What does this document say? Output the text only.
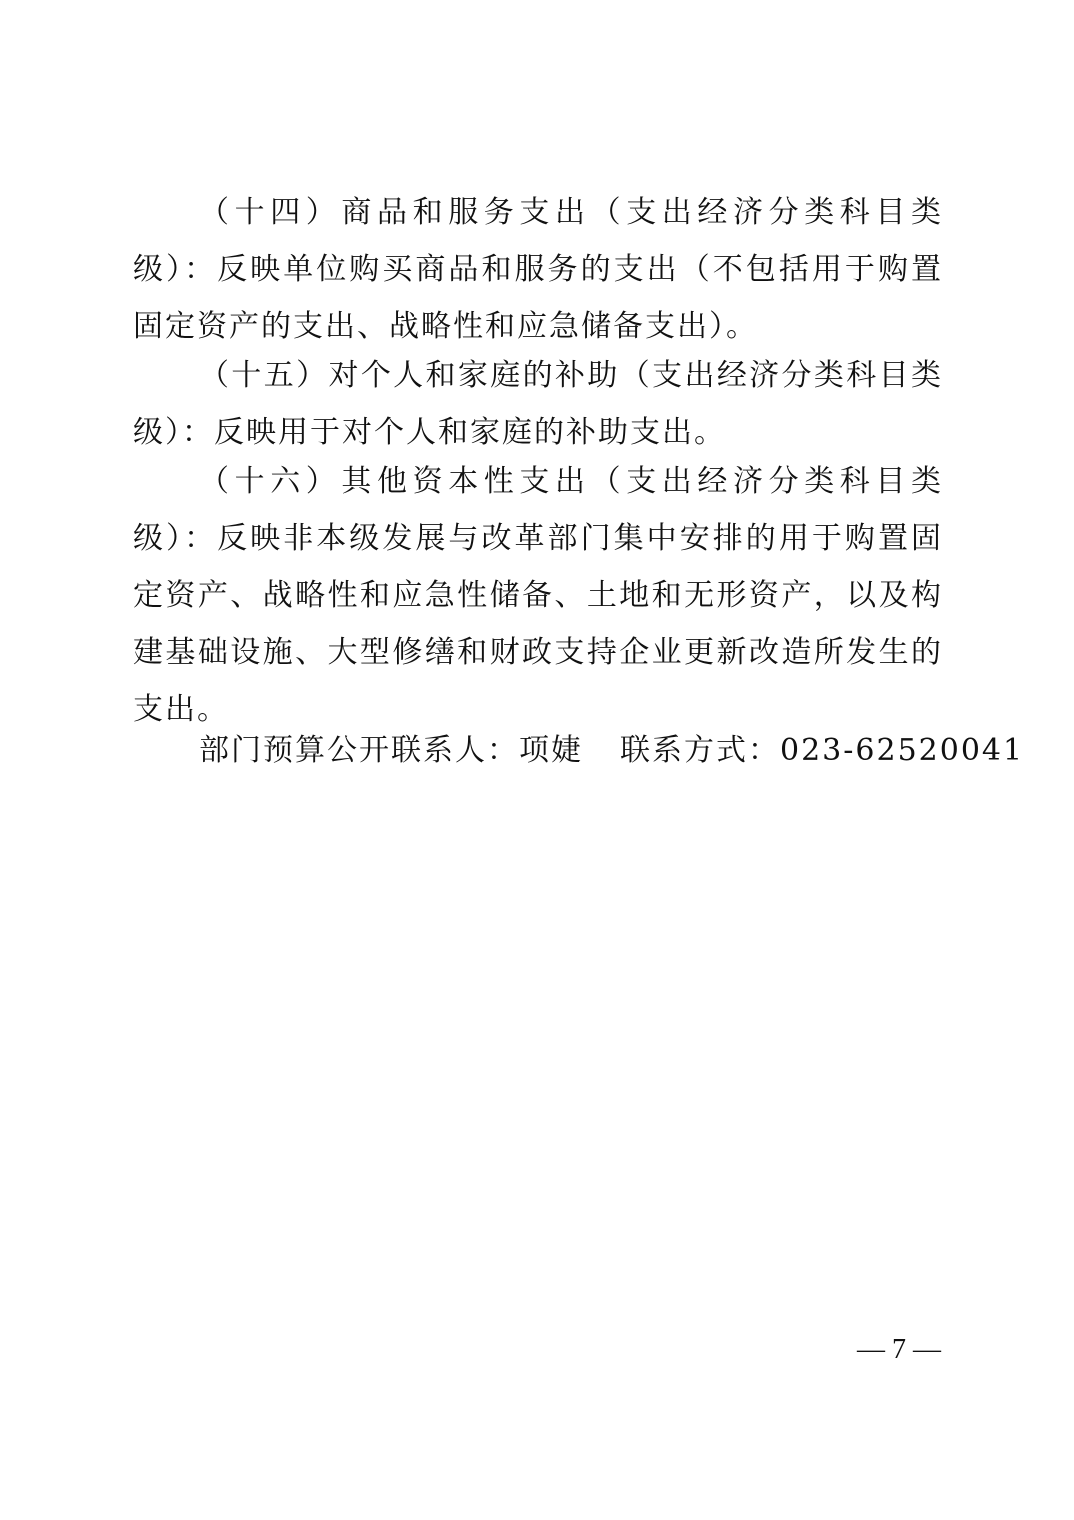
（十四）商品和服务支出（支出经济分类科目类级）：反映单位购买商品和服务的支出（不包括用于购置固定资产的支出、战略性和应急储备支出）。

（十五）对个人和家庭的补助（支出经济分类科目类级）：反映用于对个人和家庭的补助支出。

（十六）其他资本性支出（支出经济分类科目类级）：反映非本级发展与改革部门集中安排的用于购置固定资产、战略性和应急性储备、土地和无形资产，以及构建基础设施、大型修缮和财政支持企业更新改造所发生的支出。

部门预算公开联系人：项婕 联系方式：023-62520041
— 7 —
